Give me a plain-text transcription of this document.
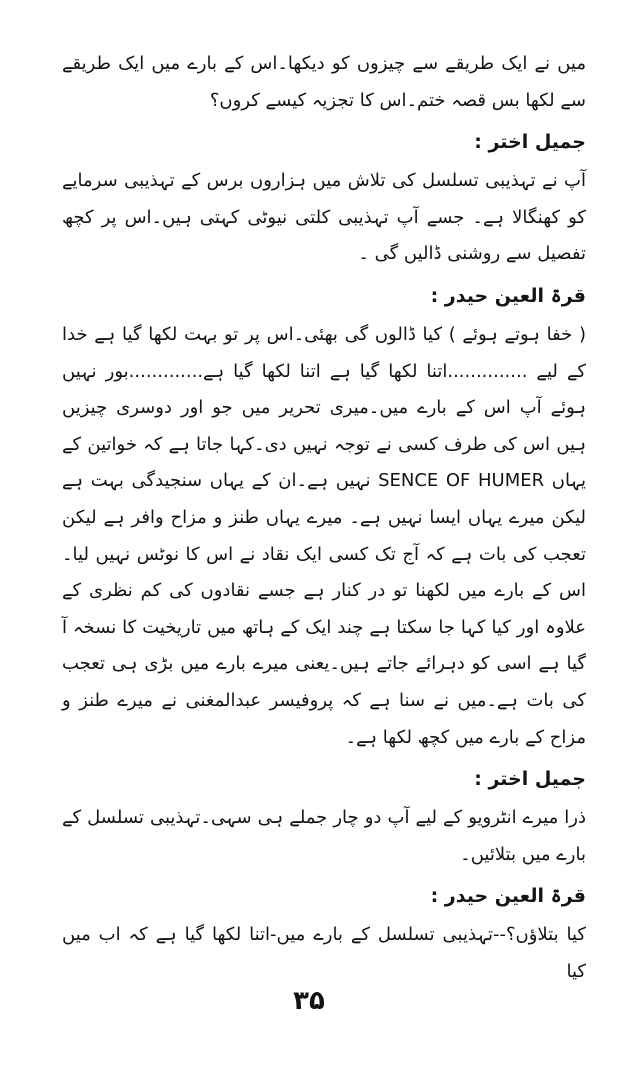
میں نے ایک طریقے سے چیزوں کو دیکھا۔اس کے بارے میں ایک طریقے سے لکھا بس قصہ ختم۔اس کا تجزیہ کیسے کروں؟

جمیل اختر :

آپ نے تہذیبی تسلسل کی تلاش میں ہزاروں برس کے تہذیبی سرمایے کو کھنگالا ہے۔ جسے آپ تہذیبی کلتی نیوٹی کہتی ہیں۔اس پر کچھ تفصیل سے روشنی ڈالیں گی ۔

قرۃ العین حیدر :

( خفا ہوتے ہوئے ) کیا ڈالوں گی بھئی۔اس پر تو بہت لکھا گیا ہے خدا کے لیے ..............اتنا لکھا گیا ہے اتنا لکھا گیا ہے.............بور نہیں ہوئے آپ اس کے بارے میں۔میری تحریر میں جو اور دوسری چیزیں ہیں اس کی طرف کسی نے توجہ نہیں دی۔کہا جاتا ہے کہ خواتین کے یہاں SENCE OF HUMER نہیں ہے۔ان کے یہاں سنجیدگی بہت ہے لیکن میرے یہاں ایسا نہیں ہے۔ میرے یہاں طنز و مزاح وافر ہے لیکن تعجب کی بات ہے کہ آج تک کسی ایک نقاد نے اس کا نوٹس نہیں لیا۔اس کے بارے میں لکھنا تو در کنار ہے جسے نقادوں کی کم نظری کے علاوہ اور کیا کہا جا سکتا ہے چند ایک کے ہاتھ میں تاریخیت کا نسخہ آ گیا ہے اسی کو دہرائے جاتے ہیں۔یعنی میرے بارے میں بڑی ہی تعجب کی بات ہے۔میں نے سنا ہے کہ پروفیسر عبدالمغنی نے میرے طنز و مزاح کے بارے میں کچھ لکھا ہے۔

جمیل اختر :

ذرا میرے انٹرویو کے لیے آپ دو چار جملے ہی سہی۔تہذیبی تسلسل کے بارے میں بتلائیں۔

قرۃ العین حیدر :

کیا بتلاؤں؟--تہذیبی تسلسل کے بارے میں-اتنا لکھا گیا ہے کہ اب میں کیا

۳۵
